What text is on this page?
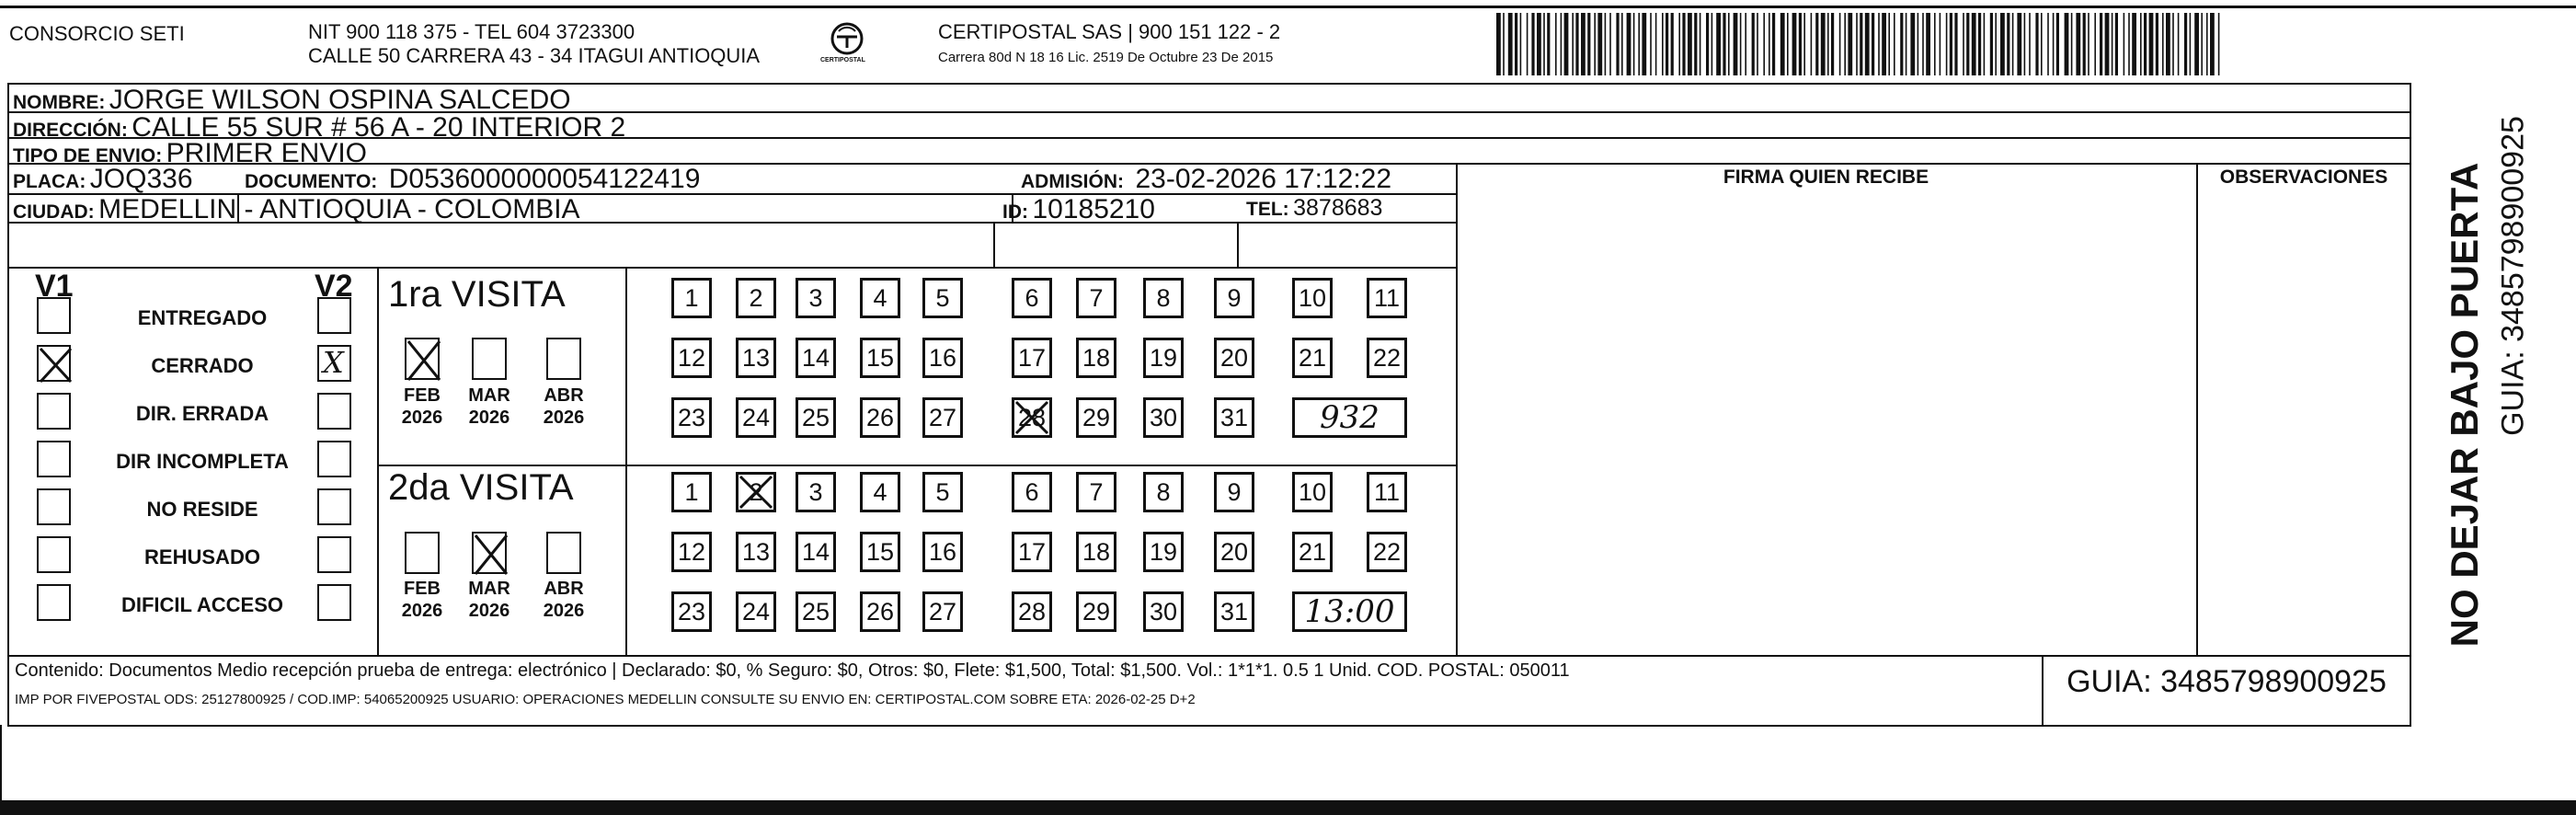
CONSORCIO SETI	NIT 900 118 375 - TEL 604 3723300
CALLE 50 CARRERA 43 - 34 ITAGUI ANTIOQUIA	CERTIPOSTAL
CERTIPOSTAL SAS | 900 151 122 - 2
Carrera 80d N 18 16 Lic. 2519 De Octubre 23 De 2015
NOMBRE: JORGE WILSON OSPINA SALCEDO
DIRECCIÓN: CALLE 55 SUR # 56 A - 20 INTERIOR 2
TIPO DE ENVIO: PRIMER ENVIO
PLACA: JOQ336	DOCUMENTO: D0536000000054122419	ADMISIÓN: 23-02-2026 17:12:22
CIUDAD: MEDELLIN - ANTIOQUIA - COLOMBIA	ID: 10185210	TEL: 3878683
FIRMA QUIEN RECIBE	OBSERVACIONES
V1	V2
ENTREGADO
CERRADO	X
DIR. ERRADA
DIR INCOMPLETA
NO RESIDE
REHUSADO
DIFICIL ACCESO
1ra VISITA
2da VISITA
FEB
2026
MAR
2026
ABR
2026
FEB
2026
MAR
2026
ABR
2026
1 2 3 4 5	6 7 8 9 10 11
12 13 14 15 16 17 18 19 20 21 22
23 24 25 26 27 28 29 30 31 932
1 2 3 4 5	6 7 8 9 10 11
12 13 14 15 16 17 18 19 20 21 22
23 24 25 26 27 28 29 30 31 13:00
Contenido: Documentos Medio recepción prueba de entrega: electrónico | Declarado: $0, % Seguro: $0, Otros: $0, Flete: $1,500, Total: $1,500. Vol.: 1*1*1. 0.5 1 Unid. COD. POSTAL: 050011
IMP POR FIVEPOSTAL ODS: 25127800925 / COD.IMP: 54065200925 USUARIO: OPERACIONES MEDELLIN CONSULTE SU ENVIO EN: CERTIPOSTAL.COM SOBRE ETA: 2026-02-25 D+2
GUIA: 3485798900925
NO DEJAR BAJO PUERTA GUIA: 3485798900925
